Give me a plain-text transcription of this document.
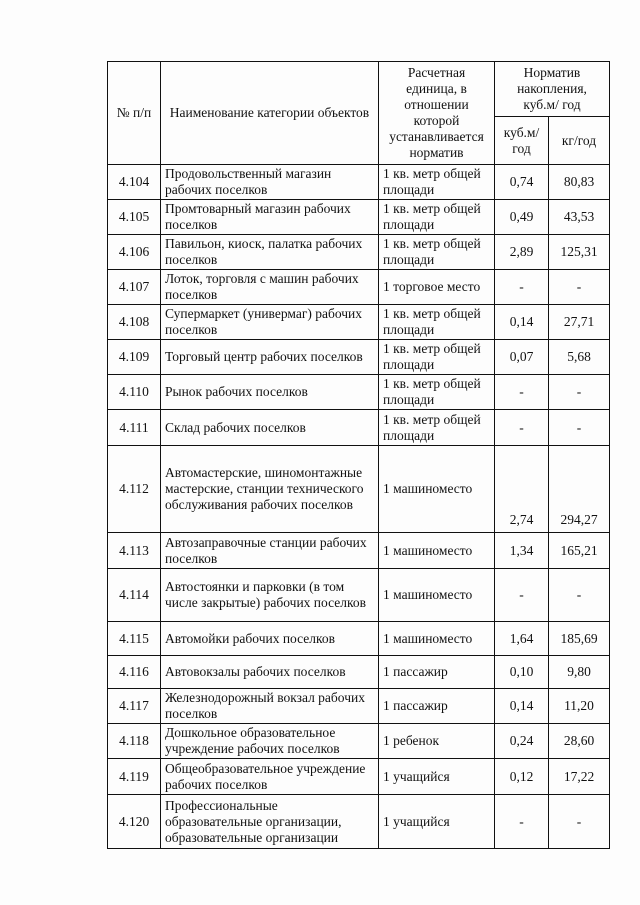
№ п/п	Наименование категории объектов	Расчетная единица, в отношении которой устанавливается норматив	Норматив накопления, куб.м/ год	
			куб.м/ год	кг/год
4.104	Продовольственный магазин рабочих поселков	1 кв. метр общей площади	0,74	80,83
4.105	Промтоварный магазин рабочих поселков	1 кв. метр общей площади	0,49	43,53
4.106	Павильон, киоск, палатка рабочих поселков	1 кв. метр общей площади	2,89	125,31
4.107	Лоток, торговля с машин рабочих поселков	1 торговое место	-	-
4.108	Супермаркет (универмаг) рабочих поселков	1 кв. метр общей площади	0,14	27,71
4.109	Торговый центр рабочих поселков	1 кв. метр общей площади	0,07	5,68
4.110	Рынок рабочих поселков	1 кв. метр общей площади	-	-
4.111	Склад рабочих поселков	1 кв. метр общей площади	-	-
4.112	Автомастерские, шиномонтажные мастерские, станции технического обслуживания рабочих поселков	1 машиноместо	2,74	294,27
4.113	Автозаправочные станции рабочих поселков	1 машиноместо	1,34	165,21
4.114	Автостоянки и парковки (в том числе закрытые) рабочих поселков	1 машиноместо	-	-
4.115	Автомойки рабочих поселков	1 машиноместо	1,64	185,69
4.116	Автовокзалы рабочих поселков	1 пассажир	0,10	9,80
4.117	Железнодорожный вокзал рабочих поселков	1 пассажир	0,14	11,20
4.118	Дошкольное образовательное учреждение рабочих поселков	1 ребенок	0,24	28,60
4.119	Общеобразовательное учреждение рабочих поселков	1 учащийся	0,12	17,22
4.120	Профессиональные образовательные организации, образовательные организации	1 учащийся	-	-
